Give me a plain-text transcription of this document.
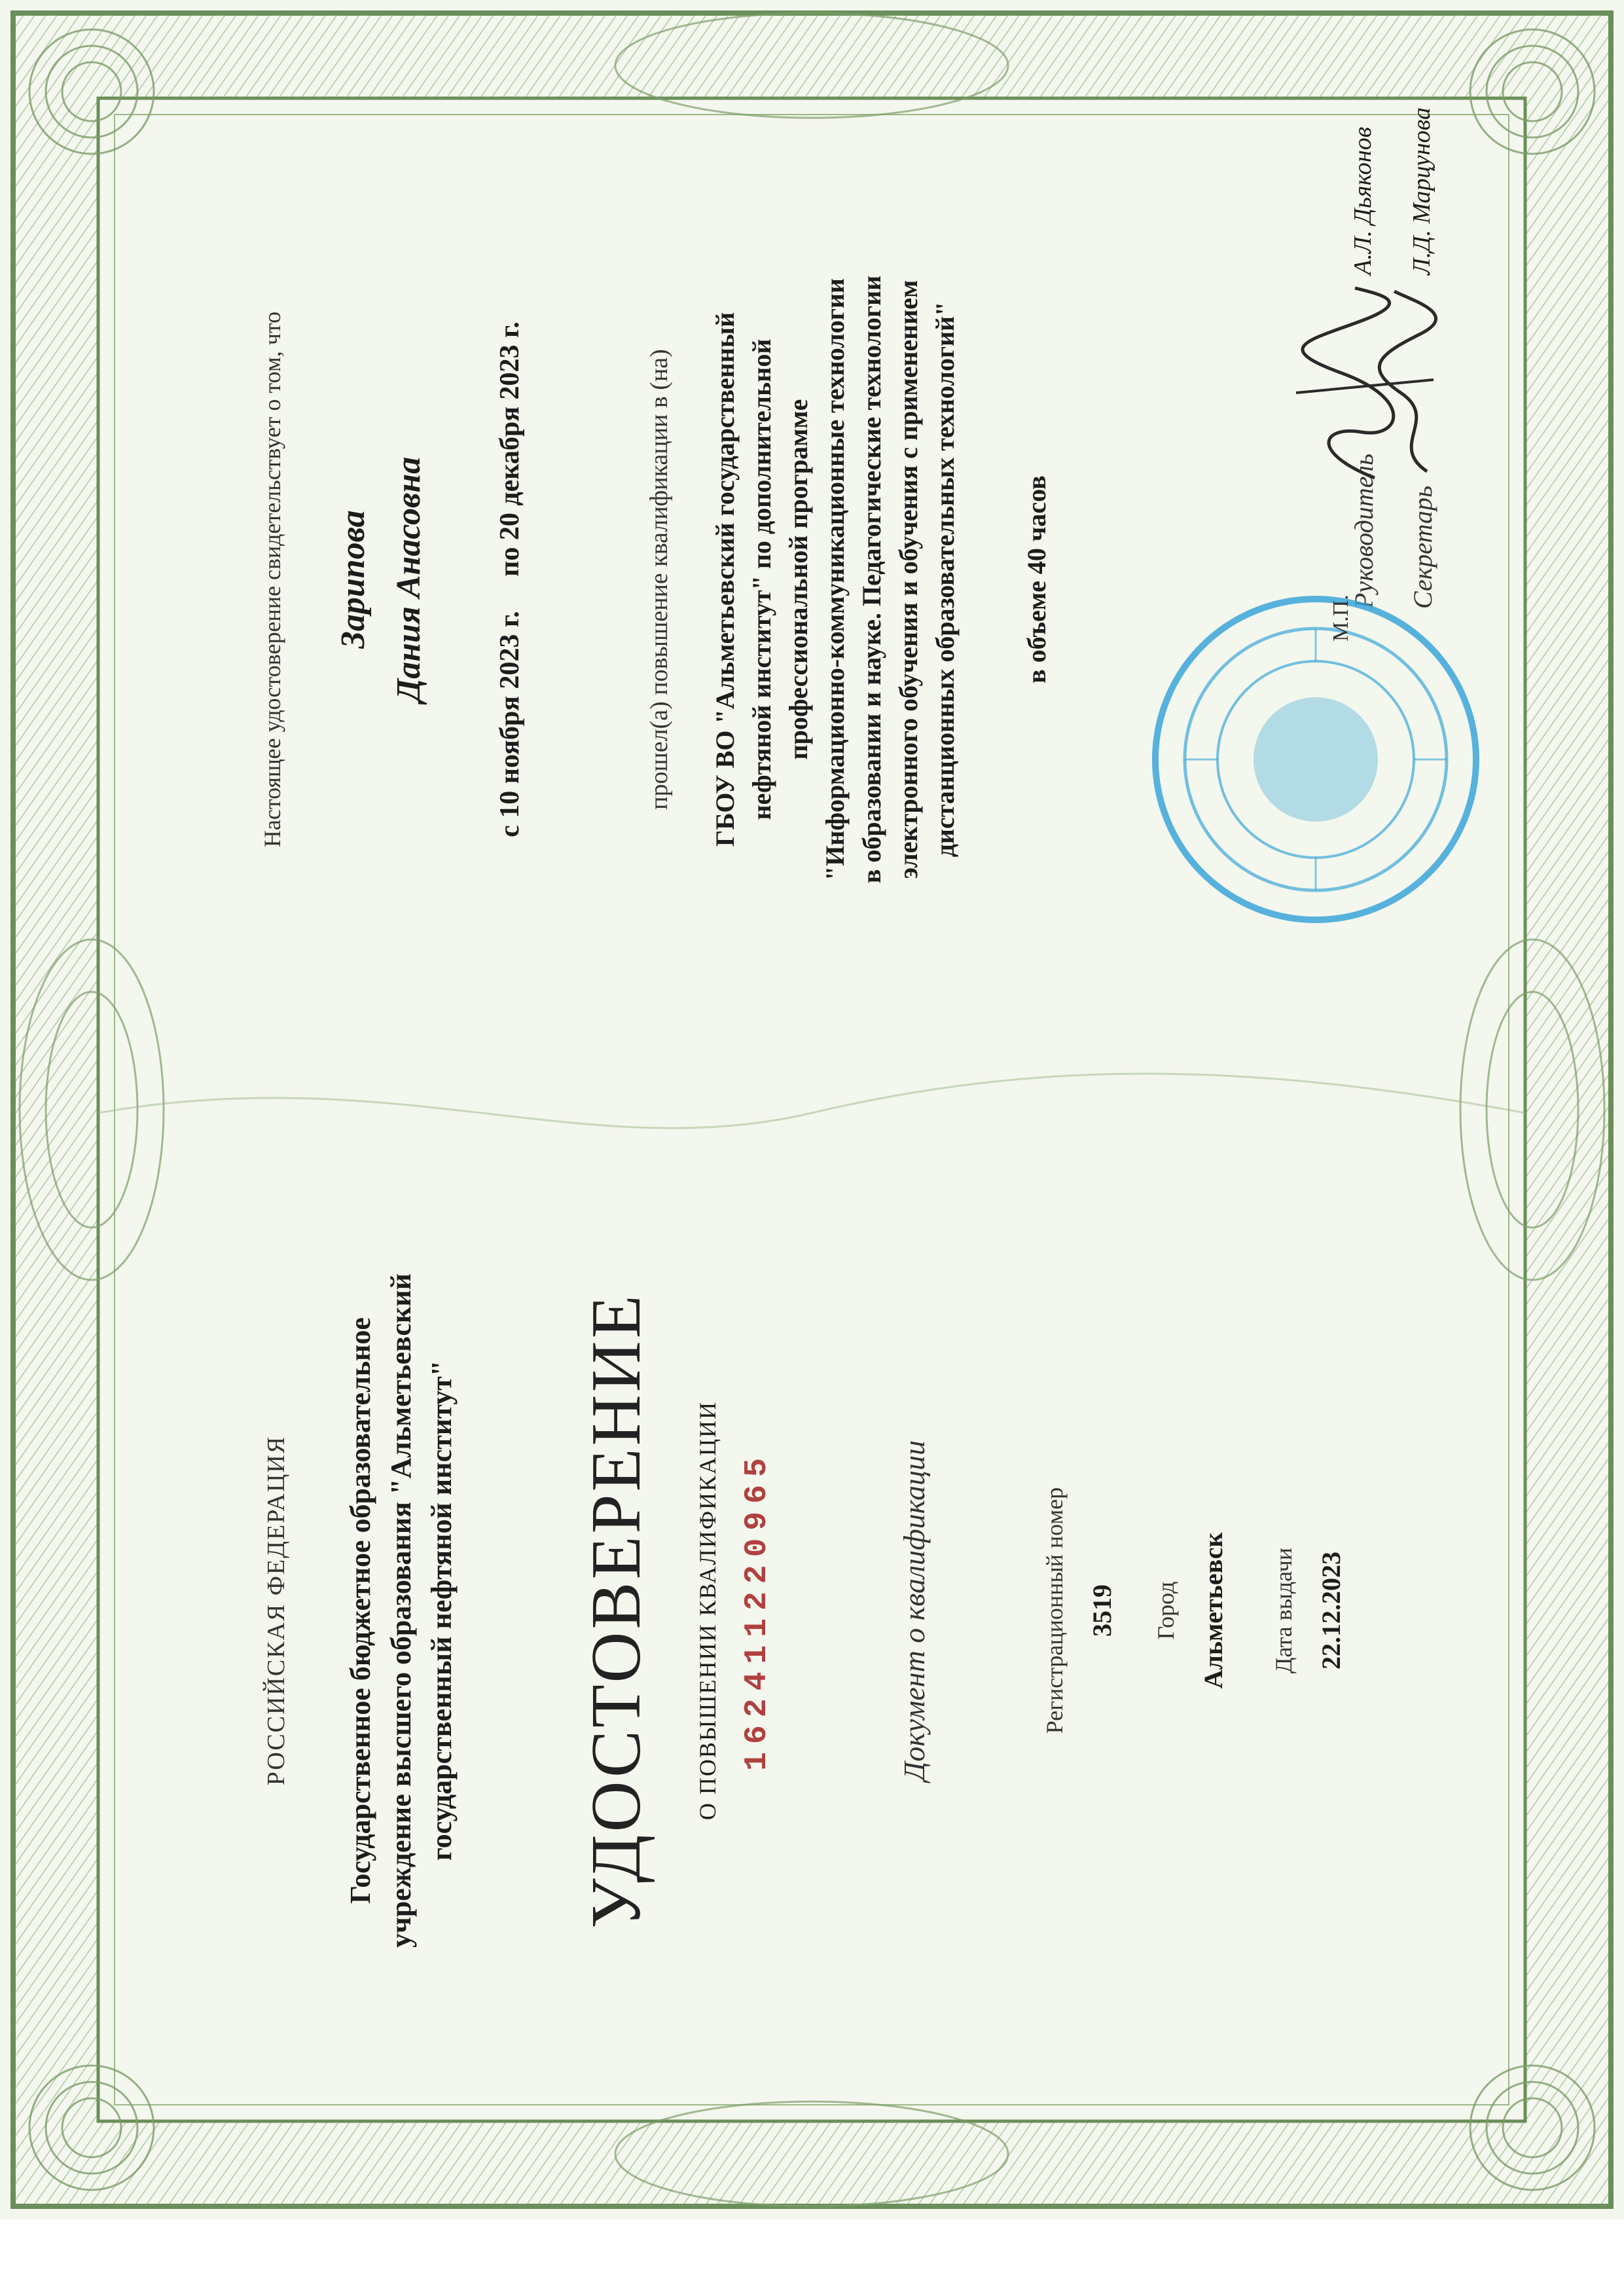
РОССИЙСКАЯ ФЕДЕРАЦИЯ Государственное бюджетное образовательное учреждение высшего образования "Альметьевский государственный нефтяной институт" УДОСТОВЕРЕНИЕ О ПОВЫШЕНИИ КВАЛИФИКАЦИИ 162411220965	Документ о квалификации	Регистрационный номер 3519 Город Альметьевск Дата выдачи 22.12.2023
Настоящее удостоверение свидетельствует о том, что Зарипова Дания Анасовна с 10 ноября 2023 г.     по 20 декабря 2023 г.	прошел(а) повышение квалификации в (на) ГБОУ ВО "Альметьевский государственный нефтяной институт" по дополнительной профессиональной программе "Информационно-коммуникационные технологии в образовании и науке. Педагогические технологии электронного обучения и обучения с применением дистанционных образовательных технологий" в объеме 40 часов	Руководитель
А.Л. Дьяконов
Секретарь
Л.Д. Марцунова
М.П.
